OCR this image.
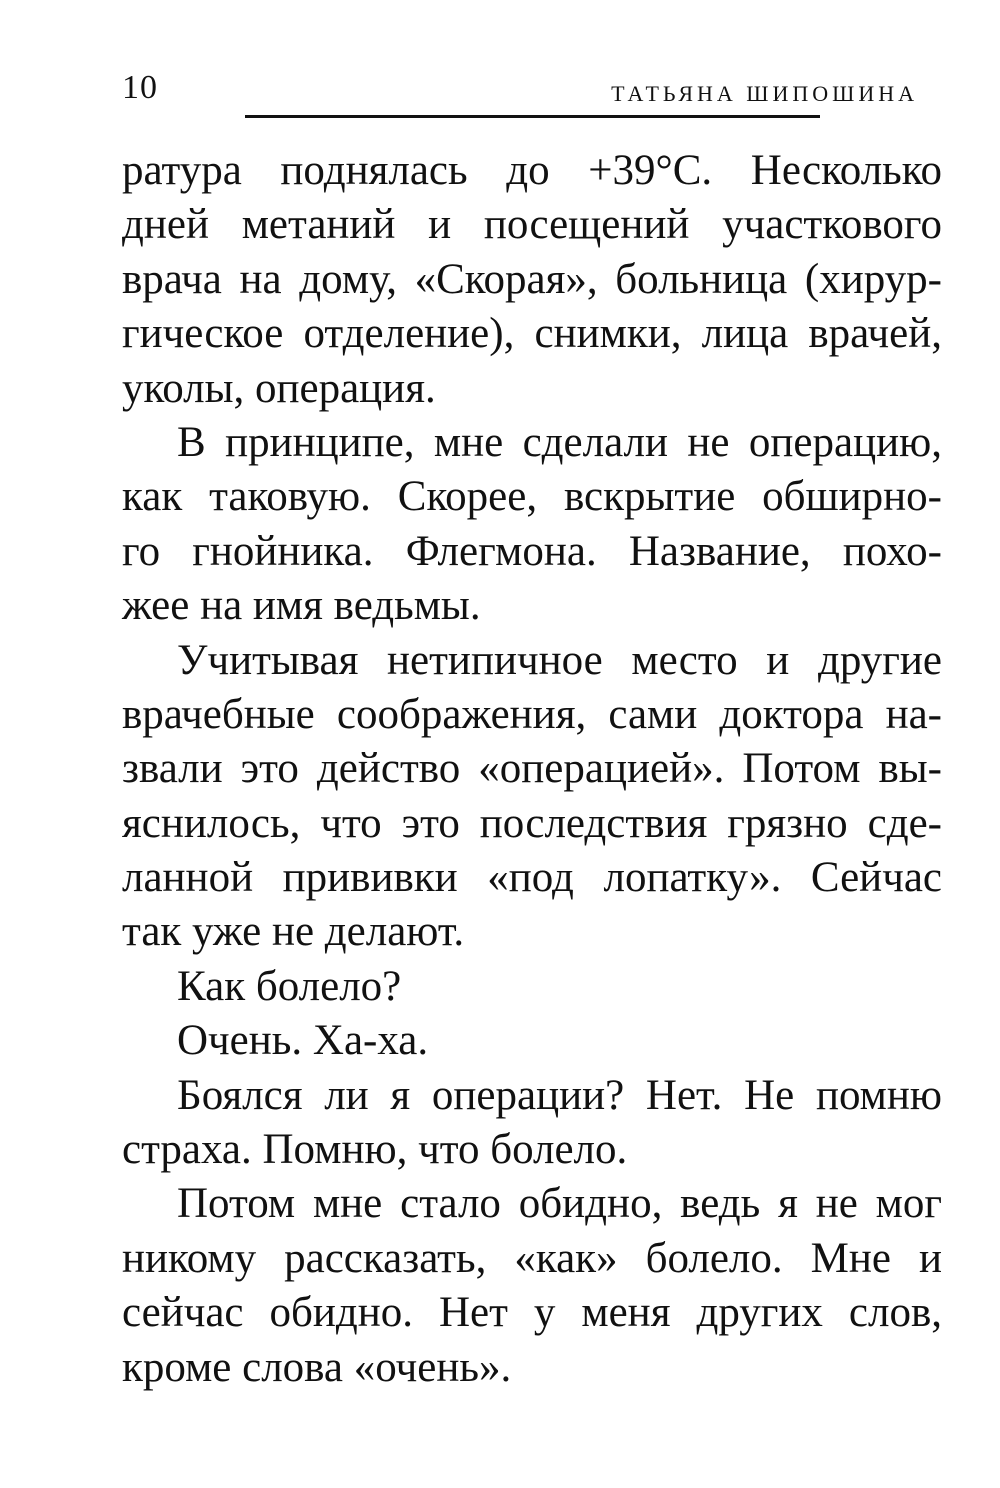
10	ТАТЬЯНА ШИПОШИНА
ратура поднялась до +39°С. Несколько
дней метаний и посещений участкового
врача на дому, «Скорая», больница (хирур-
гическое отделение), снимки, лица врачей,
уколы, операция.
В принципе, мне сделали не операцию,
как таковую. Скорее, вскрытие обширно-
го гнойника. Флегмона. Название, похо-
жее на имя ведьмы.
Учитывая нетипичное место и другие
врачебные соображения, сами доктора на-
звали это действо «операцией». Потом вы-
яснилось, что это последствия грязно сде-
ланной прививки «под лопатку». Сейчас
так уже не делают.
Как болело?
Очень. Ха-ха.
Боялся ли я операции? Нет. Не помню
страха. Помню, что болело.
Потом мне стало обидно, ведь я не мог
никому рассказать, «как» болело. Мне и
сейчас обидно. Нет у меня других слов,
кроме слова «очень».
